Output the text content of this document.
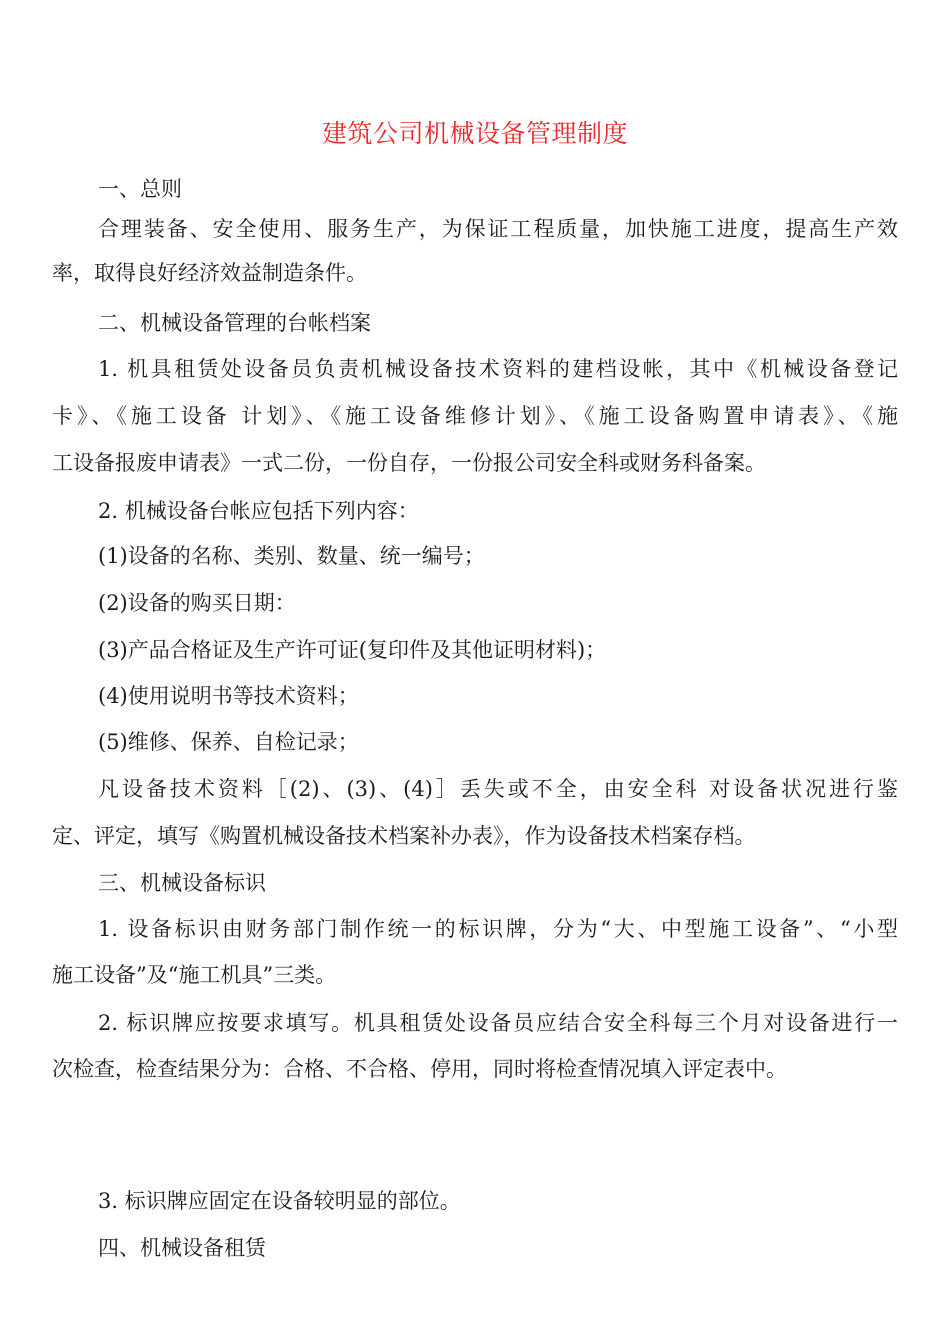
建筑公司机械设备管理制度
一、总则
合理装备、安全使用、服务生产，为保证工程质量，加快施工进度，提高生产效
率，取得良好经济效益制造条件。
二、机械设备管理的台帐档案
1. 机具租赁处设备员负责机械设备技术资料的建档设帐，其中《机械设备登记
卡》、《施工设备 计划》、《施工设备维修计划》、《施工设备购置申请表》、《施
工设备报废申请表》一式二份，一份自存，一份报公司安全科或财务科备案。
2. 机械设备台帐应包括下列内容：
(1)设备的名称、类别、数量、统一编号；
(2)设备的购买日期：
(3)产品合格证及生产许可证(复印件及其他证明材料)；
(4)使用说明书等技术资料；
(5)维修、保养、自检记录；
凡设备技术资料［(2)、(3)、(4)］丢失或不全，由安全科 对设备状况进行鉴
定、评定，填写《购置机械设备技术档案补办表》，作为设备技术档案存档。
三、机械设备标识
1. 设备标识由财务部门制作统一的标识牌，分为“大、中型施工设备”、“小型
施工设备”及“施工机具”三类。
2. 标识牌应按要求填写。机具租赁处设备员应结合安全科每三个月对设备进行一
次检查，检查结果分为：合格、不合格、停用，同时将检查情况填入评定表中。
3. 标识牌应固定在设备较明显的部位。
四、机械设备租赁
